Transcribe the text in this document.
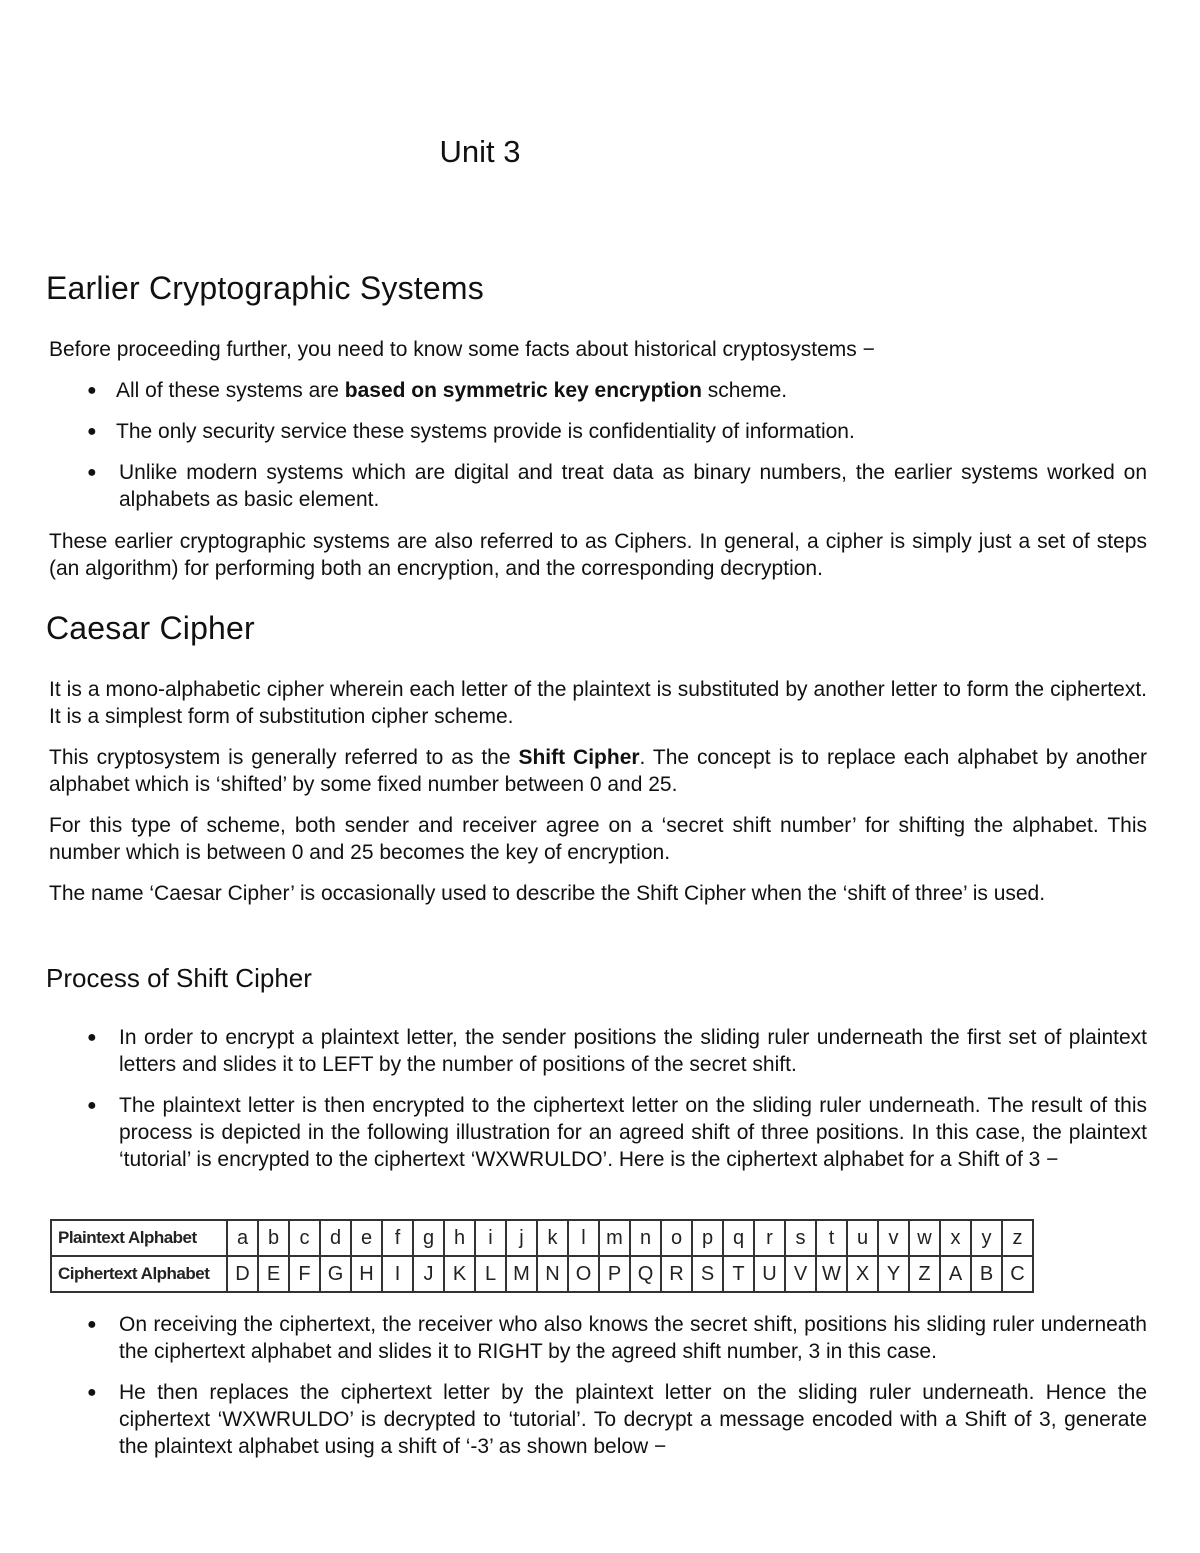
Unit 3
Earlier Cryptographic Systems

Before proceeding further, you need to know some facts about historical cryptosystems −

● All of these systems are based on symmetric key encryption scheme.
● The only security service these systems provide is confidentiality of information.
● Unlike modern systems which are digital and treat data as binary numbers, the earlier systems worked on alphabets as basic element.

These earlier cryptographic systems are also referred to as Ciphers. In general, a cipher is simply just a set of steps (an algorithm) for performing both an encryption, and the corresponding decryption.

Caesar Cipher

It is a mono-alphabetic cipher wherein each letter of the plaintext is substituted by another letter to form the ciphertext. It is a simplest form of substitution cipher scheme.

This cryptosystem is generally referred to as the Shift Cipher. The concept is to replace each alphabet by another alphabet which is ‘shifted’ by some fixed number between 0 and 25.

For this type of scheme, both sender and receiver agree on a ‘secret shift number’ for shifting the alphabet. This number which is between 0 and 25 becomes the key of encryption.

The name ‘Caesar Cipher’ is occasionally used to describe the Shift Cipher when the ‘shift of three’ is used.

Process of Shift Cipher
● In order to encrypt a plaintext letter, the sender positions the sliding ruler underneath the first set of plaintext letters and slides it to LEFT by the number of positions of the secret shift.
● The plaintext letter is then encrypted to the ciphertext letter on the sliding ruler underneath. The result of this process is depicted in the following illustration for an agreed shift of three positions. In this case, the plaintext ‘tutorial’ is encrypted to the ciphertext ‘WXWRULDO’. Here is the ciphertext alphabet for a Shift of 3 −
Plaintext Alphabet	a	b	c	d	e	f	g	h	i	j	k	l	m	n	o	p	q	r	s	t	u	v	w	x	y	z
Ciphertext Alphabet	D	E	F	G	H	I	J	K	L	M	N	O	P	Q	R	S	T	U	V	W	X	Y	Z	A	B	C
● On receiving the ciphertext, the receiver who also knows the secret shift, positions his sliding ruler underneath the ciphertext alphabet and slides it to RIGHT by the agreed shift number, 3 in this case.
● He then replaces the ciphertext letter by the plaintext letter on the sliding ruler underneath. Hence the ciphertext ‘WXWRULDO’ is decrypted to ‘tutorial’. To decrypt a message encoded with a Shift of 3, generate the plaintext alphabet using a shift of ‘-3’ as shown below −
